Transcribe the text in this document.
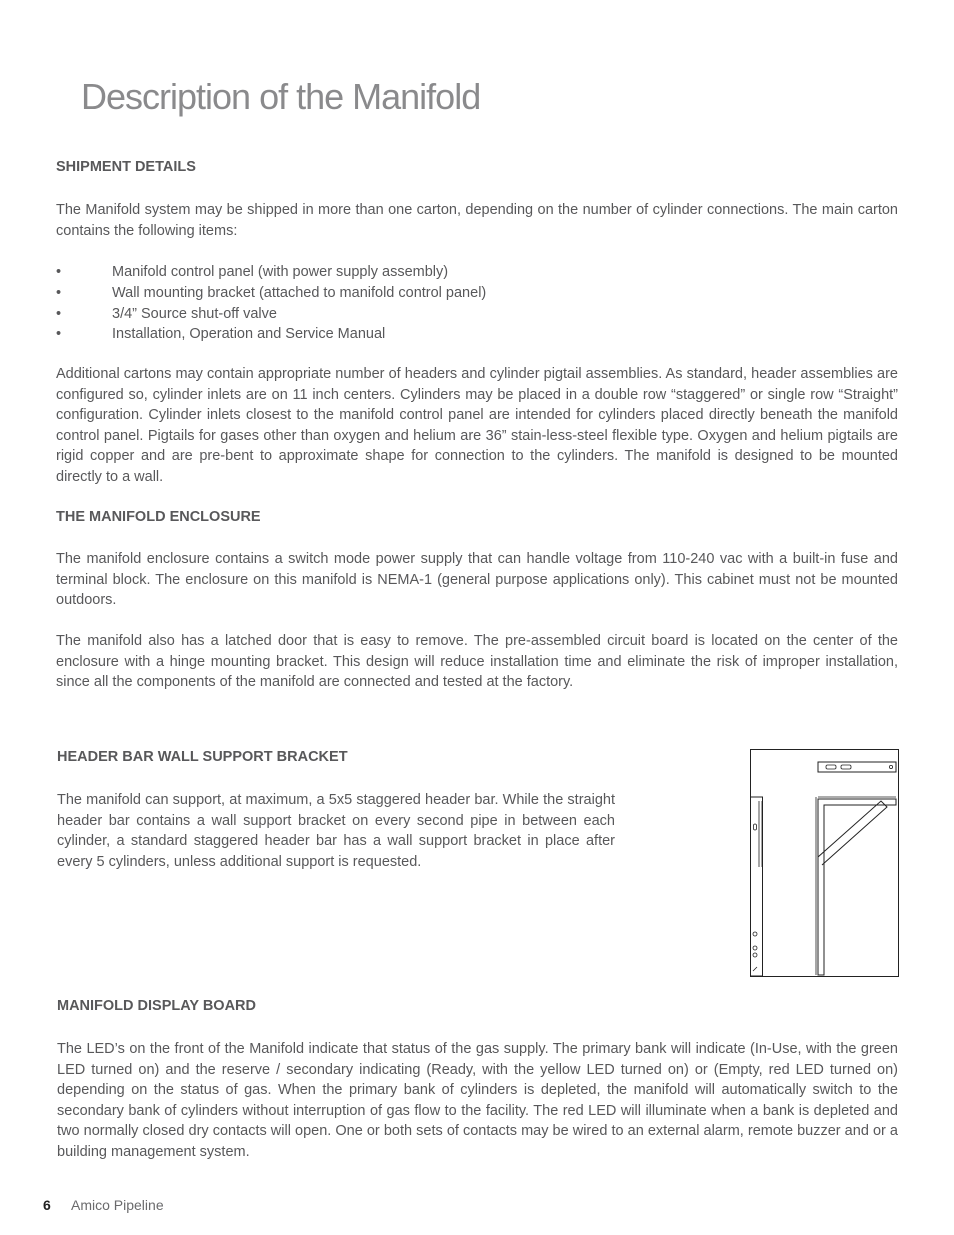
Description of the Manifold
SHIPMENT DETAILS

The Manifold system may be shipped in more than one carton, depending on the number of cylinder connections. The main carton contains the following items:

•	Manifold control panel (with power supply assembly)
•	Wall mounting bracket (attached to manifold control panel)
•	3/4” Source shut-off valve
•	Installation, Operation and Service Manual

Additional cartons may contain appropriate number of headers and cylinder pigtail assemblies. As standard, header assemblies are configured so, cylinder inlets are on 11 inch centers. Cylinders may be placed in a double row “staggered” or single row “Straight” configuration. Cylinder inlets closest to the manifold control panel are intended for cylinders placed directly beneath the manifold control panel. Pigtails for gases other than oxygen and helium are 36” stain-less-steel flexible type. Oxygen and helium pigtails are rigid copper and are pre-bent to approximate shape for connection to the cylinders. The manifold is designed to be mounted directly to a wall.

THE MANIFOLD ENCLOSURE

The manifold enclosure contains a switch mode power supply that can handle voltage from 110-240 vac with a built-in fuse and terminal block. The enclosure on this manifold is NEMA-1 (general purpose applications only). This cabinet must not be mounted outdoors.

The manifold also has a latched door that is easy to remove. The pre-assembled circuit board is located on the center of the enclosure with a hinge mounting bracket. This design will reduce installation time and eliminate the risk of improper installation, since all the components of the manifold are connected and tested at the factory.

HEADER BAR WALL SUPPORT BRACKET

The manifold can support, at maximum, a 5x5 staggered header bar. While the straight header bar contains a wall support bracket on every second pipe in between each cylinder, a standard staggered header bar has a wall support bracket in place after every 5 cylinders, unless additional support is requested.

MANIFOLD DISPLAY BOARD

The LED’s on the front of the Manifold indicate that status of the gas supply. The primary bank will indicate (In-Use, with the green LED turned on) and the reserve / secondary indicating (Ready, with the yellow LED turned on) or (Empty, red LED turned on) depending on the status of gas. When the primary bank of cylinders is depleted, the manifold will automatically switch to the secondary bank of cylinders without interruption of gas flow to the facility. The red LED will illuminate when a bank is depleted and two normally closed dry contacts will open. One or both sets of contacts may be wired to an external alarm, remote buzzer and or a building management system.

6 Amico Pipeline
